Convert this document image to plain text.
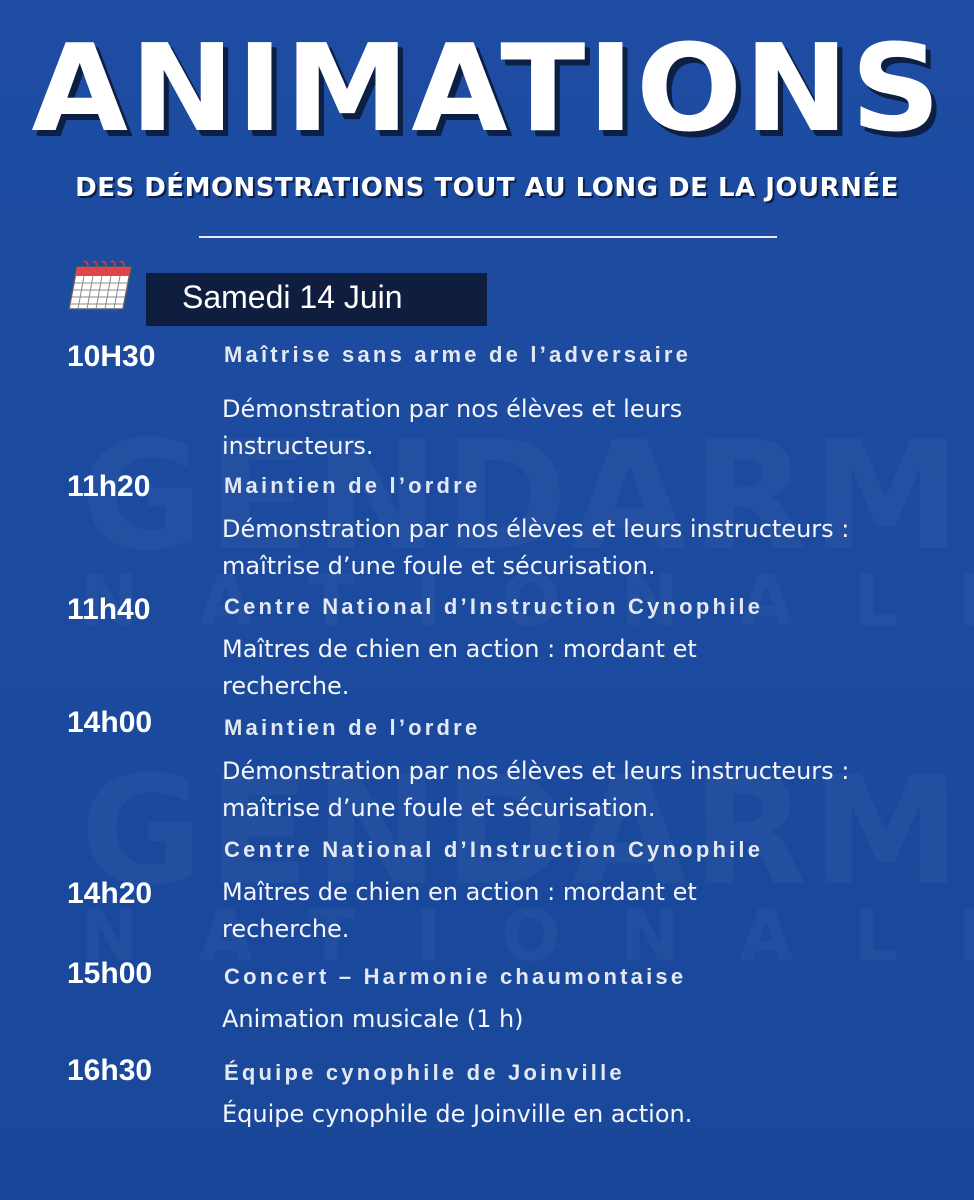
ANIMATIONS
DES DÉMONSTRATIONS TOUT AU LONG DE LA JOURNÉE
Samedi 14 Juin
10H30	Maîtrise sans arme de l’adversaire
Démonstration par nos élèves et leurs instructeurs.
11h20	Maintien de l’ordre
Démonstration par nos élèves et leurs instructeurs : maîtrise d’une foule et sécurisation.
11h40	Centre National d’Instruction Cynophile
Maîtres de chien en action : mordant et recherche.
14h00	Maintien de l’ordre
Démonstration par nos élèves et leurs instructeurs : maîtrise d’une foule et sécurisation.
Centre National d’Instruction Cynophile
14h20	Maîtres de chien en action : mordant et recherche.
15h00	Concert – Harmonie chaumontaise
Animation musicale (1 h)
16h30	Équipe cynophile de Joinville
Équipe cynophile de Joinville en action.
